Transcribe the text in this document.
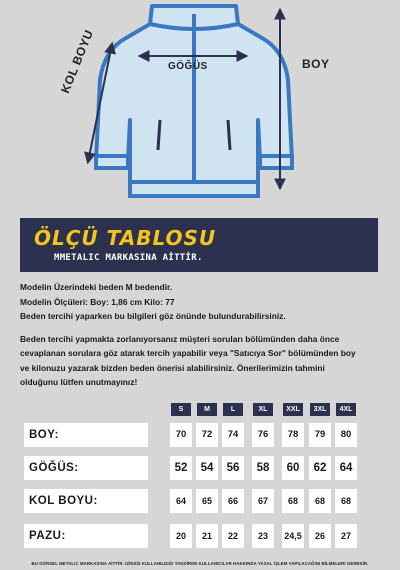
GÖĞÜS	BOY
KOL BOYU
ÖLÇÜ TABLOSU
MMETALIC MARKASINA AİTTİR.
Modelin Üzerindeki beden M bedendir.
Modelin Ölçüleri: Boy: 1,86 cm Kilo: 77
Beden tercihi yaparken bu bilgileri göz önünde bulundurabilirsiniz.
Beden tercihi yapmakta zorlanıyorsanız müşteri soruları bölümünden daha önce
cevaplanan sorulara göz atarak tercih yapabilir veya "Satıcıya Sor" bölümünden boy
ve kilonuzu yazarak bizden beden önerisi alabilirsiniz. Önerilerimizin tahmini
olduğunu lütfen unutmayınız!
S	M	L	XL	XXL	3XL	4XL
BOY:	70	72	74	76	78	79	80
GÖĞÜS:	52	54	56	58	60	62	64
KOL BOYU:	64	65	66	67	68	68	68
PAZU:	20	21	22	23	24,5	26	27
BU GÖRSEL METALIC MARKASINA AİTTİR. İZİNSİZ KULLANILDIĞI TAKDİRDE KULLANICILAR HAKKINDA YASAL İŞLEM YAPILACAĞINI BİLMELERİ GEREKİR.
